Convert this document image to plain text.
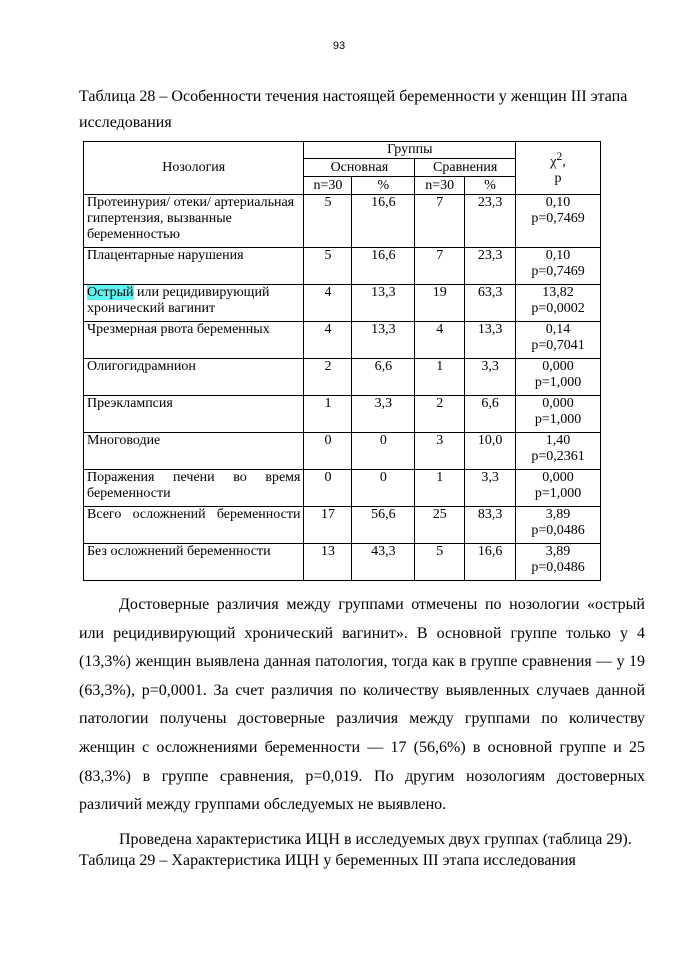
93
Таблица 28 – Особенности течения настоящей беременности у женщин III этапа исследования
Нозология	Группы				$\chi^2$,
p
	Основная		Сравнения		
	n=30	%	n=30	%	
Протеинурия/ отеки/ артериальная гипертензия, вызванные беременностью	5	16,6	7	23,3	0,10
p=0,7469
Плацентарные нарушения	5	16,6	7	23,3	0,10
p=0,7469
Острый или рецидивирующий хронический вагинит	4	13,3	19	63,3	13,82
p=0,0002
Чрезмерная рвота беременных	4	13,3	4	13,3	0,14
p=0,7041
Олигогидрамнион	2	6,6	1	3,3	0,000
p=1,000
Преэклампсия	1	3,3	2	6,6	0,000
p=1,000
Многоводие	0	0	3	10,0	1,40
p=0,2361
Поражения печени во время беременности	0	0	1	3,3	0,000
p=1,000
Всего осложнений беременности	17	56,6	25	83,3	3,89
p=0,0486
Без осложнений беременности	13	43,3	5	16,6	3,89
p=0,0486

Достоверные различия между группами отмечены по нозологии «острый или рецидивирующий хронический вагинит». В основной группе только у 4 (13,3%) женщин выявлена данная патология, тогда как в группе сравнения — у 19 (63,3%), p=0,0001. За счет различия по количеству выявленных случаев данной патологии получены достоверные различия между группами по количеству женщин с осложнениями беременности — 17 (56,6%) в основной группе и 25 (83,3%) в группе сравнения, p=0,019. По другим нозологиям достоверных различий между группами обследуемых не выявлено.

Проведена характеристика ИЦН в исследуемых двух группах (таблица 29).

Таблица 29 – Характеристика ИЦН у беременных III этапа исследования
